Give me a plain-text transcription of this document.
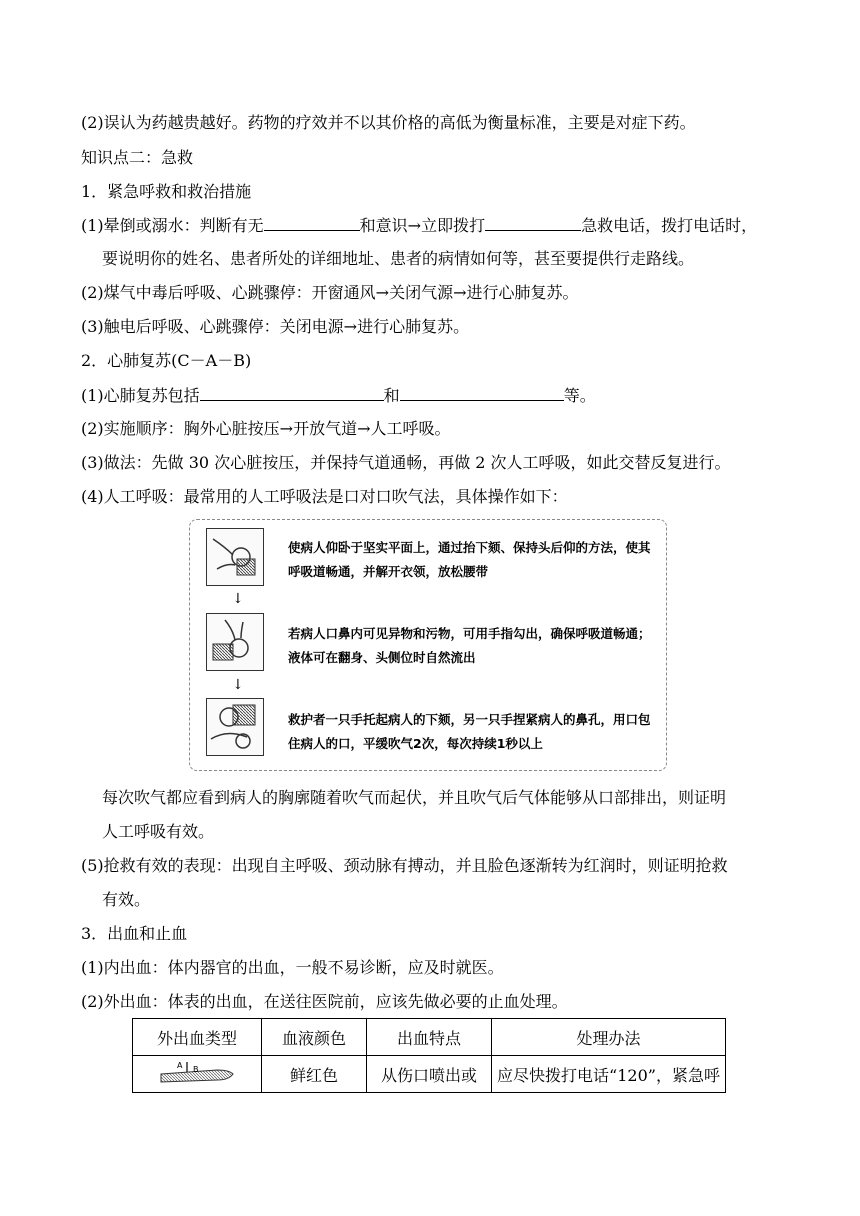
(2)误认为药越贵越好。药物的疗效并不以其价格的高低为衡量标准，主要是对症下药。
知识点二：急救
1．紧急呼救和救治措施
(1)晕倒或溺水：判断有无	和意识→立即拨打	急救电话，拨打电话时，
要说明你的姓名、患者所处的详细地址、患者的病情如何等，甚至要提供行走路线。
(2)煤气中毒后呼吸、心跳骤停：开窗通风→关闭气源→进行心肺复苏。
(3)触电后呼吸、心跳骤停：关闭电源→进行心肺复苏。
2．心肺复苏(C－A－B)
(1)心肺复苏包括	和	等。
(2)实施顺序：胸外心脏按压→开放气道→人工呼吸。
(3)做法：先做 30 次心脏按压，并保持气道通畅，再做 2 次人工呼吸，如此交替反复进行。
(4)人工呼吸：最常用的人工呼吸法是口对口吹气法，具体操作如下：
使病人仰卧于坚实平面上，通过抬下颏、保持头后仰的方法，使其呼吸道畅通，并解开衣领，放松腰带
↓
若病人口鼻内可见异物和污物，可用手指勾出，确保呼吸道畅通；液体可在翻身、头侧位时自然流出
↓
救护者一只手托起病人的下颏，另一只手捏紧病人的鼻孔，用口包住病人的口，平缓吹气2次，每次持续1秒以上
每次吹气都应看到病人的胸廓随着吹气而起伏，并且吹气后气体能够从口部排出，则证明
人工呼吸有效。
(5)抢救有效的表现：出现自主呼吸、颈动脉有搏动，并且脸色逐渐转为红润时，则证明抢救
有效。
3．出血和止血
(1)内出血：体内器官的出血，一般不易诊断，应及时就医。
(2)外出血：体表的出血，在送往医院前，应该先做必要的止血处理。
外出血类型	血液颜色	出血特点	处理办法

A B	鲜红色	从伤口喷出或	应尽快拨打电话“120”，紧急呼
